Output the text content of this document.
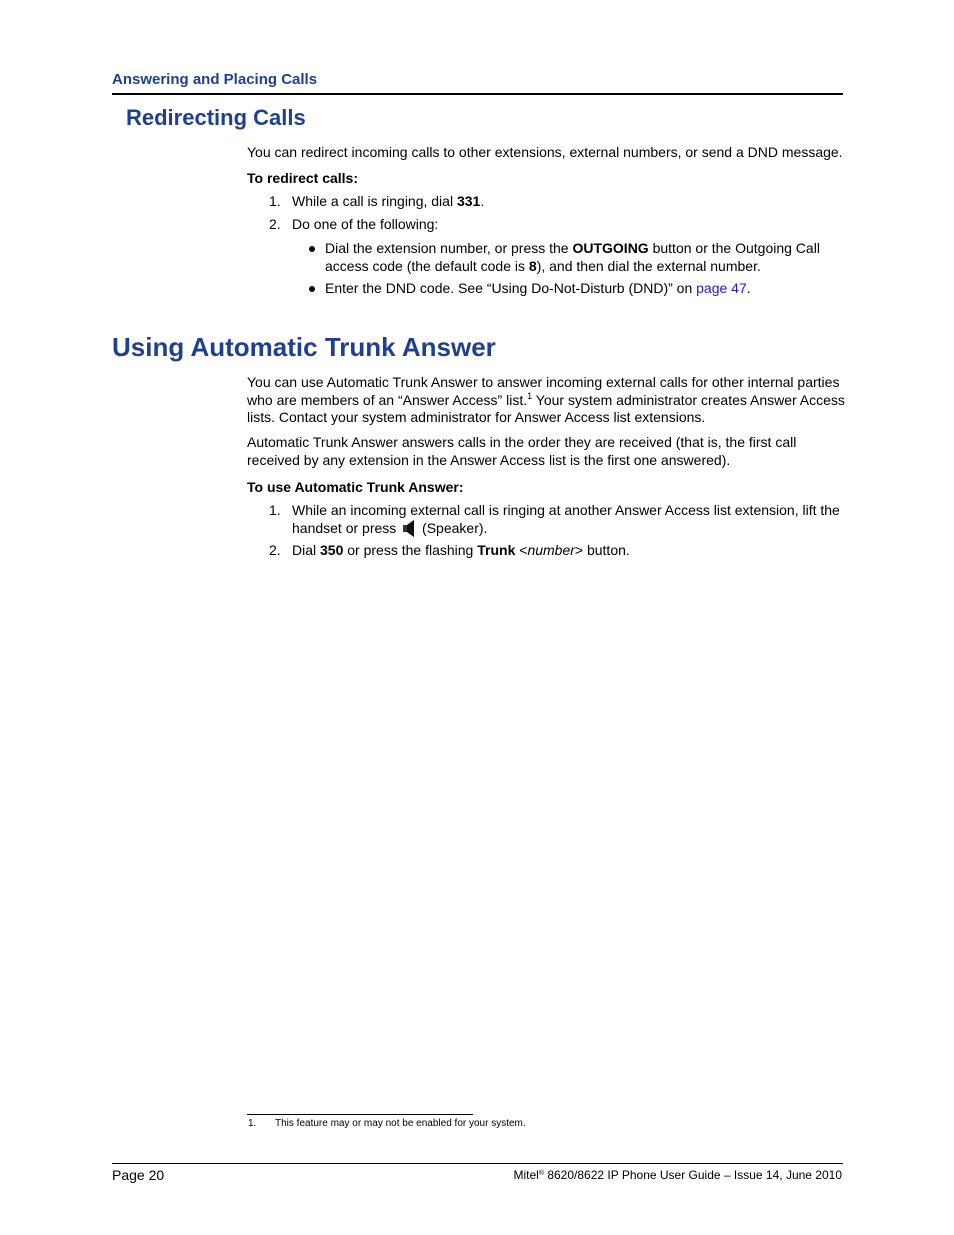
Answering and Placing Calls
Redirecting Calls
You can redirect incoming calls to other extensions, external numbers, or send a DND message.
To redirect calls:
1. While a call is ringing, dial 331.
2. Do one of the following:
Dial the extension number, or press the OUTGOING button or the Outgoing Call access code (the default code is 8), and then dial the external number.
Enter the DND code. See “Using Do-Not-Disturb (DND)” on page 47.
Using Automatic Trunk Answer
You can use Automatic Trunk Answer to answer incoming external calls for other internal parties who are members of an “Answer Access” list.$^1$ Your system administrator creates Answer Access lists. Contact your system administrator for Answer Access list extensions.
Automatic Trunk Answer answers calls in the order they are received (that is, the first call received by any extension in the Answer Access list is the first one answered).
To use Automatic Trunk Answer:
1. While an incoming external call is ringing at another Answer Access list extension, lift the handset or press  (Speaker).
2. Dial 350 or press the flashing Trunk <number> button.
1. This feature may or may not be enabled for your system.
Page 20	Mitel® 8620/8622 IP Phone User Guide – Issue 14, June 2010
